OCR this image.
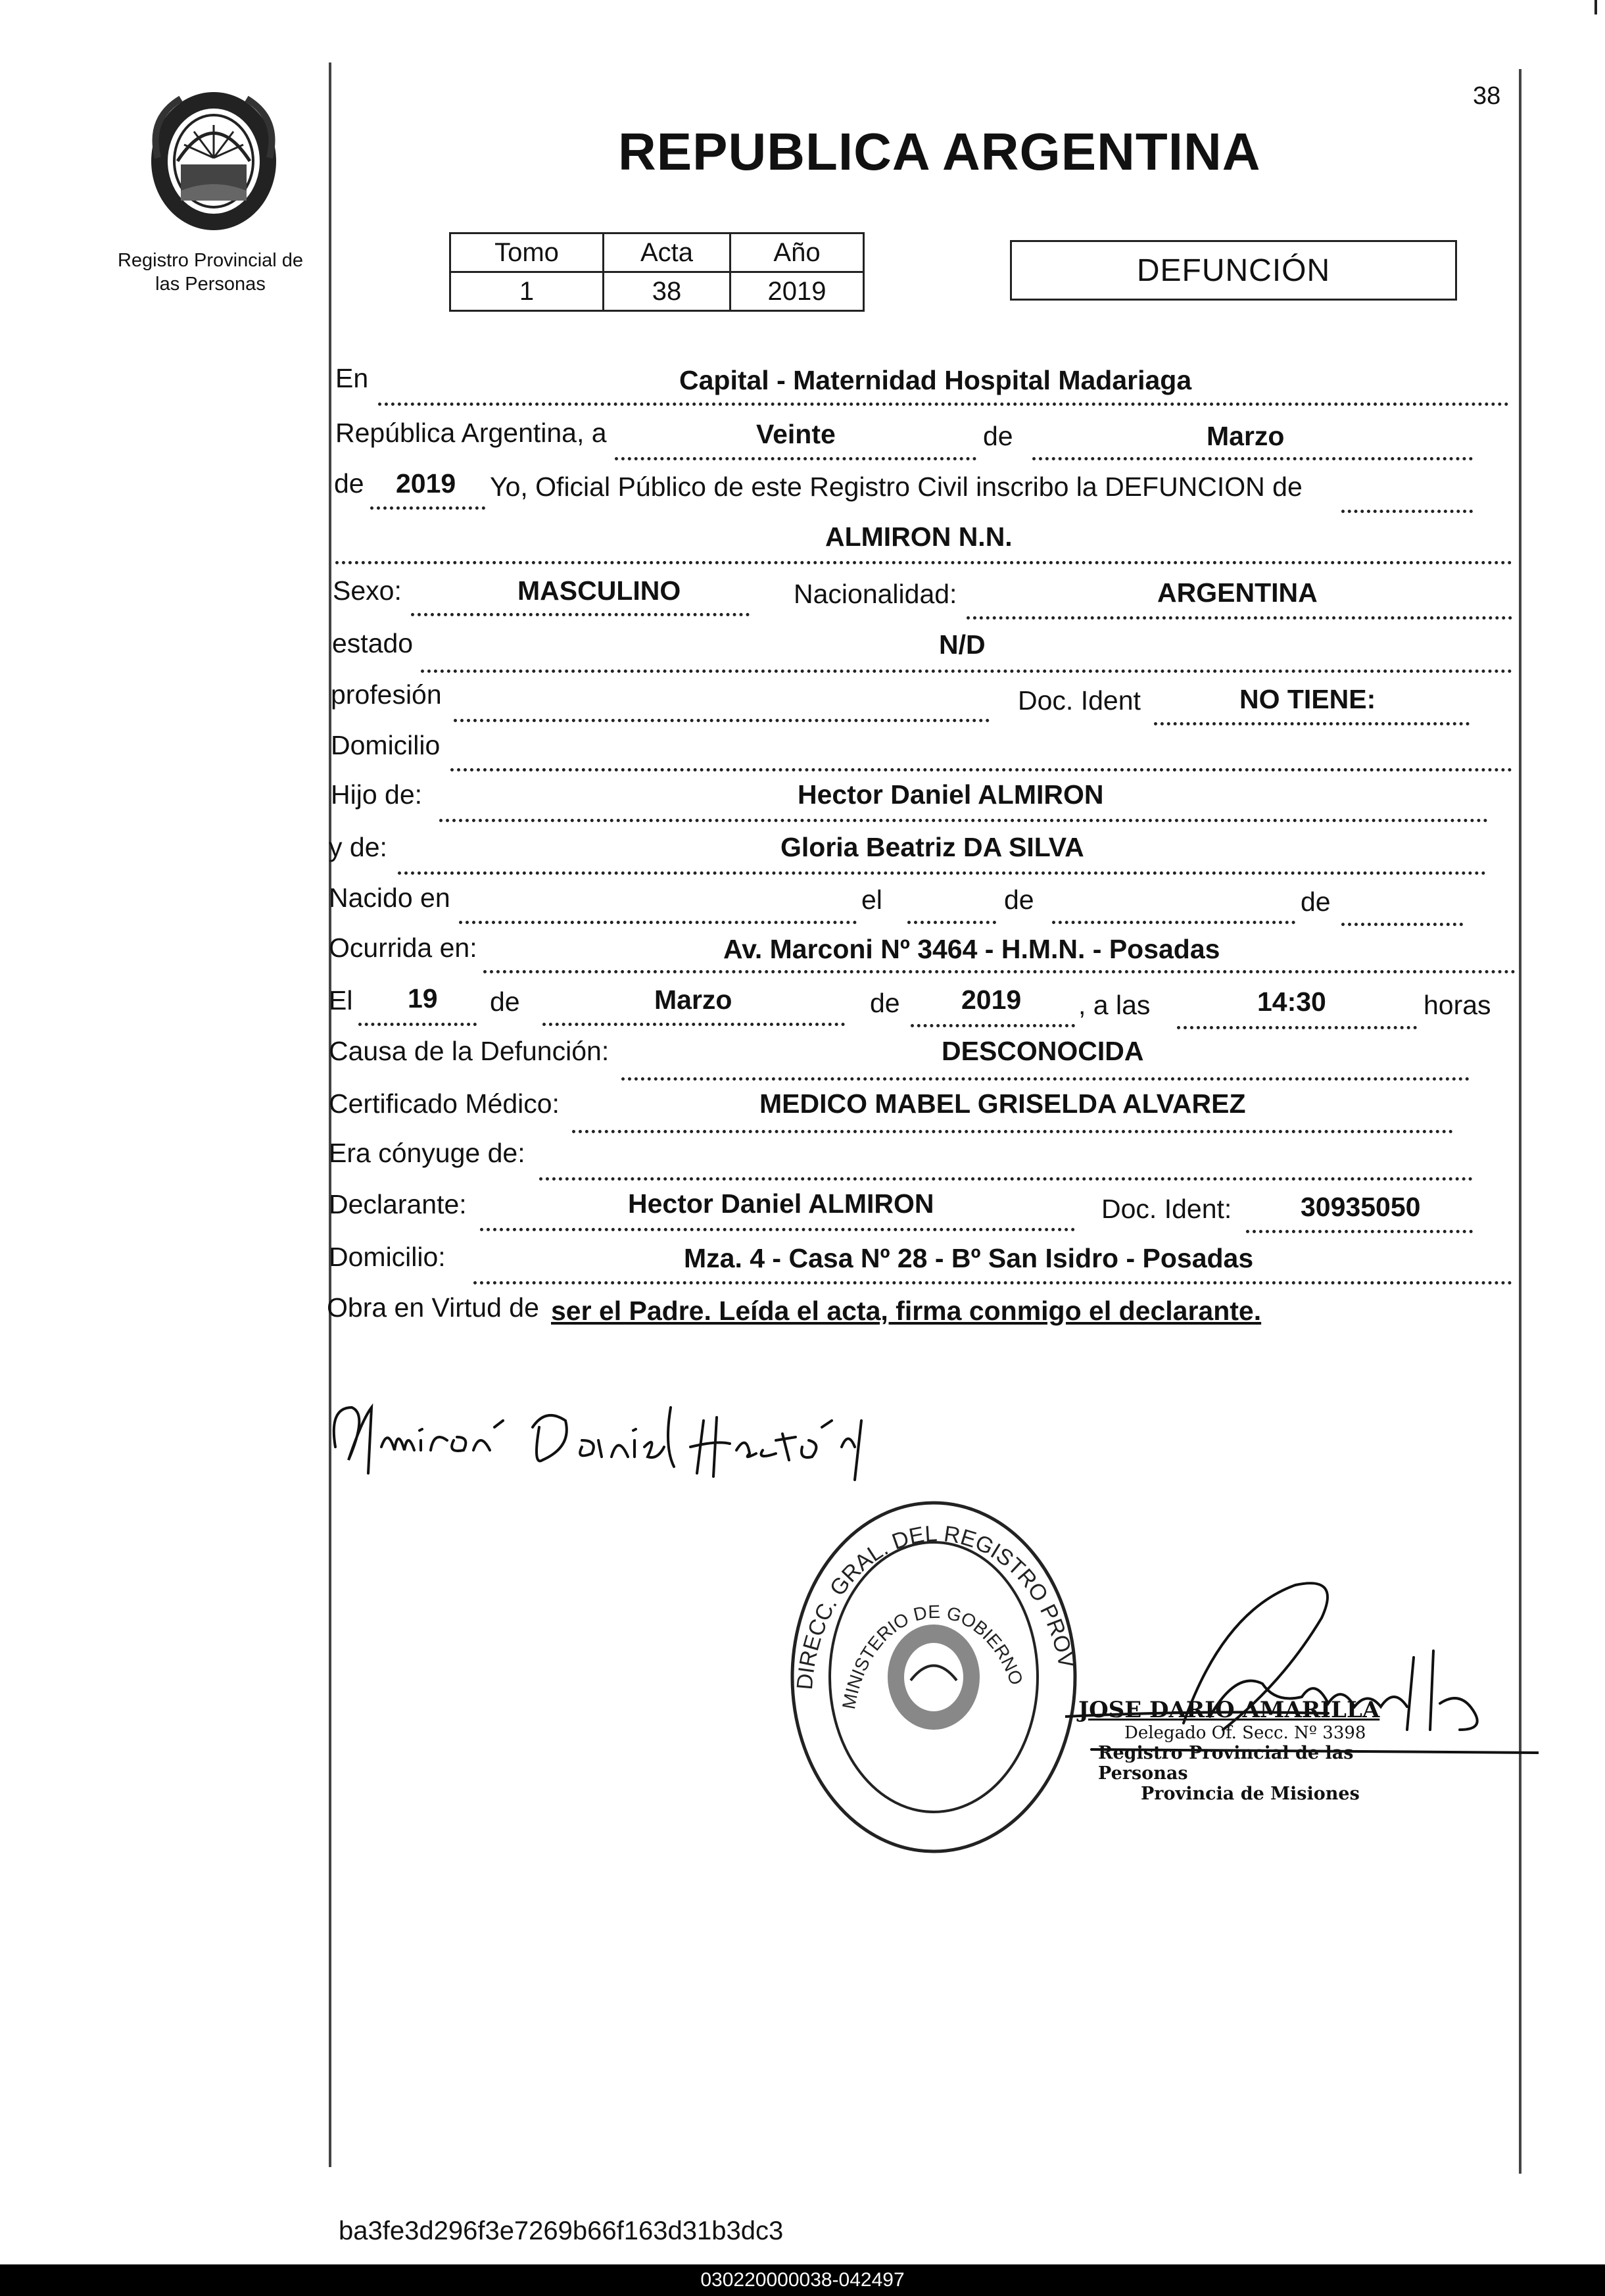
38
Registro Provincial de las Personas
REPUBLICA ARGENTINA
Tomo	Acta	Año
1	38	2019
DEFUNCIÓN
En	Capital - Maternidad Hospital Madariaga
República Argentina, a	Veinte	de	Marzo
de 2019 Yo, Oficial Público de este Registro Civil inscribo la DEFUNCION de
ALMIRON N.N.
Sexo:	MASCULINO	Nacionalidad:	ARGENTINA
estado	N/D
profesión	Doc. Ident	NO TIENE:
Domicilio
Hijo de:	Hector Daniel ALMIRON
y de:	Gloria Beatriz DA SILVA
Nacido en	el	de	de
Ocurrida en:	Av. Marconi Nº 3464 - H.M.N. - Posadas
El 19 de	Marzo	de 2019 , a las	14:30	horas
Causa de la Defunción:	DESCONOCIDA
Certificado Médico:	MEDICO MABEL GRISELDA ALVAREZ
Era cónyuge de:
Declarante:	Hector Daniel ALMIRON	Doc. Ident:	30935050
Domicilio:	Mza. 4 - Casa Nº 28 - Bº San Isidro - Posadas
Obra en Virtud de ser el Padre. Leída el acta, firma conmigo el declarante.
DIRECC. GRAL. DEL REGISTRO PROV
MINISTERIO DE GOBIERNO
JOSE DARIO AMARILLA
Delegado Of. Secc. Nº 3398
Registro Provincial de las Personas
Provincia de Misiones
ba3fe3d296f3e7269b66f163d31b3dc3
030220000038-042497
